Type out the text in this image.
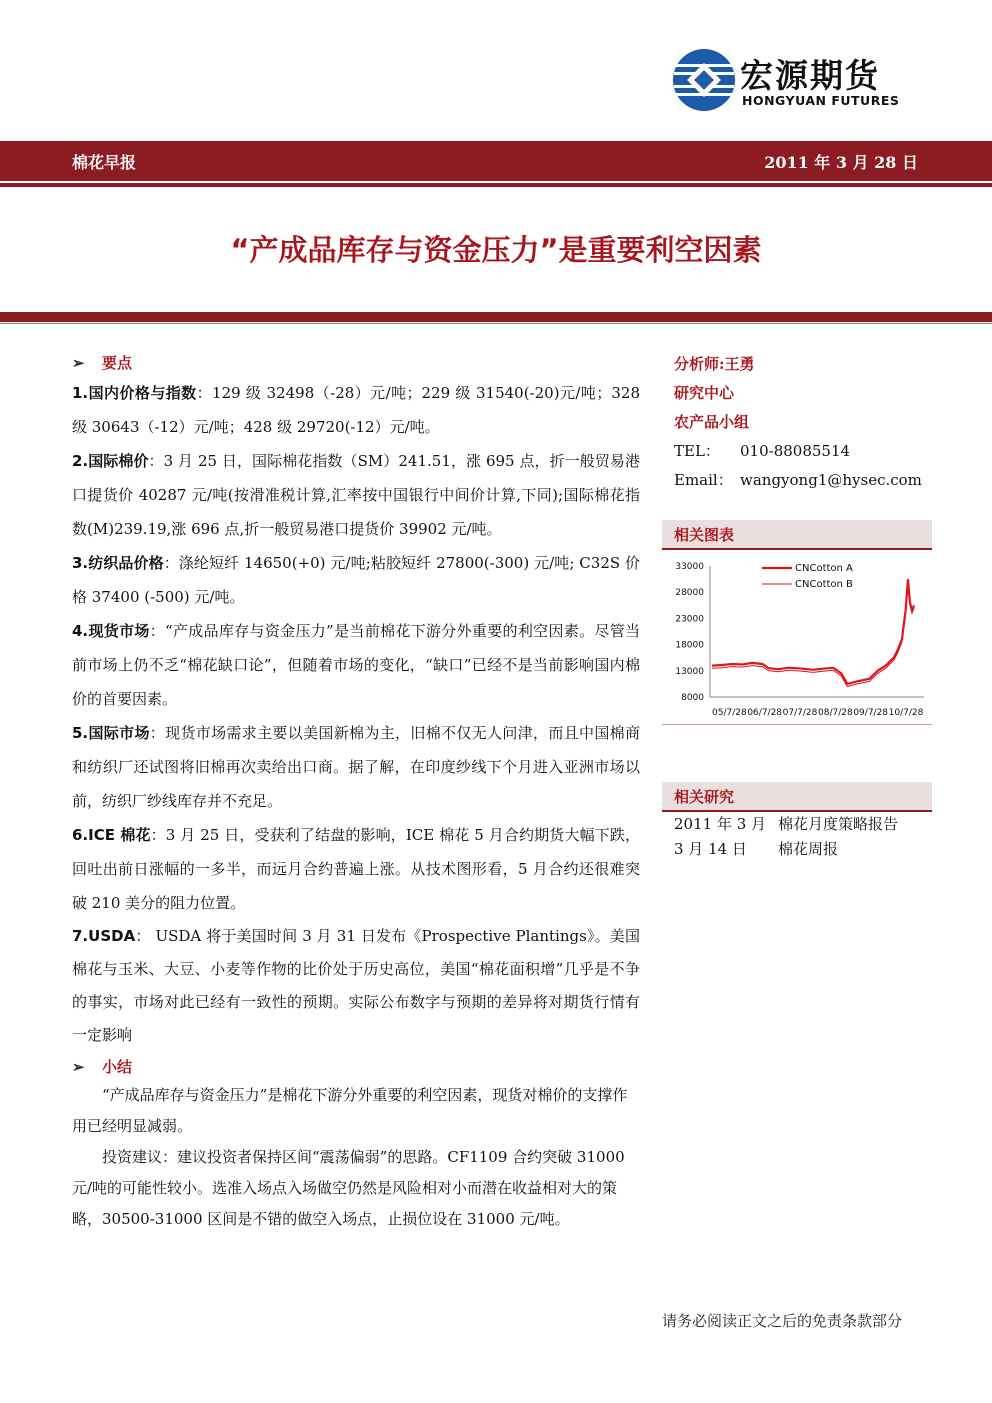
宏源期货
HONGYUAN FUTURES
棉花早报	2011 年 3 月 28 日
“产成品库存与资金压力”是重要利空因素
➢ 要点

1.国内价格与指数：129 级 32498（-28）元/吨；229 级 31540(-20)元/吨；328 级 30643（-12）元/吨；428 级 29720(-12）元/吨。

2.国际棉价：3 月 25 日，国际棉花指数（SM）241.51，涨 695 点，折一般贸易港口提货价 40287 元/吨(按滑准税计算,汇率按中国银行中间价计算,下同);国际棉花指数(M)239.19,涨 696 点,折一般贸易港口提货价 39902 元/吨。

3.纺织品价格：涤纶短纤 14650(+0) 元/吨;粘胶短纤 27800(-300) 元/吨; C32S 价格 37400 (-500) 元/吨。

4.现货市场：“产成品库存与资金压力”是当前棉花下游分外重要的利空因素。尽管当前市场上仍不乏“棉花缺口论”，但随着市场的变化，“缺口”已经不是当前影响国内棉价的首要因素。

5.国际市场：现货市场需求主要以美国新棉为主，旧棉不仅无人问津，而且中国棉商和纺织厂还试图将旧棉再次卖给出口商。据了解，在印度纱线下个月进入亚洲市场以前，纺织厂纱线库存并不充足。

6.ICE 棉花：3 月 25 日，受获利了结盘的影响，ICE 棉花 5 月合约期货大幅下跌，回吐出前日涨幅的一多半，而远月合约普遍上涨。从技术图形看，5 月合约还很难突破 210 美分的阻力位置。

7.USDA： USDA 将于美国时间 3 月 31 日发布《Prospective Plantings》。美国棉花与玉米、大豆、小麦等作物的比价处于历史高位，美国“棉花面积增”几乎是不争的事实，市场对此已经有一致性的预期。实际公布数字与预期的差异将对期货行情有一定影响

➢ 小结

“产成品库存与资金压力”是棉花下游分外重要的利空因素，现货对棉价的支撑作用已经明显减弱。

投资建议：建议投资者保持区间“震荡偏弱”的思路。CF1109 合约突破 31000 元/吨的可能性较小。选准入场点入场做空仍然是风险相对小而潜在收益相对大的策略，30500-31000 区间是不错的做空入场点，止损位设在 31000 元/吨。

分析师:王勇
研究中心
农产品小组
TEL： 010-88085514
Email： wangyong1@hysec.com
相关图表
8000
13000
18000
23000
28000
33000
05/7/28 06/7/28 07/7/28 08/7/28 09/7/28 10/7/28
CNCotton A
CNCotton B
相关研究
2011 年 3 月 棉花月度策略报告
3 月 14 日 棉花周报
请务必阅读正文之后的免责条款部分
